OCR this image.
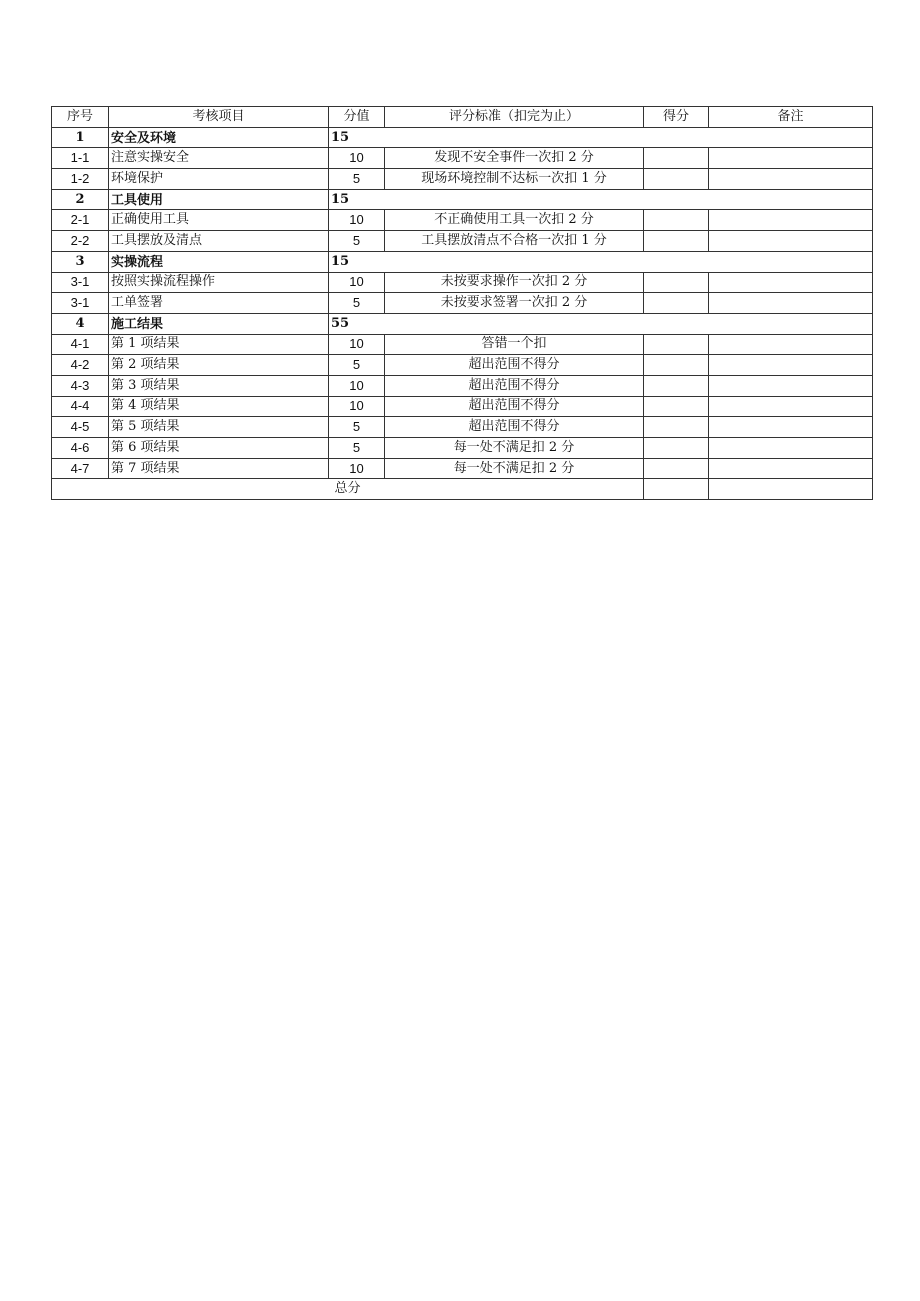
序号	考核项目	分值	评分标准（扣完为止）	得分	备注
1	安全及环境	15			
1-1	注意实操安全	10	发现不安全事件一次扣 2 分		
1-2	环境保护	5	现场环境控制不达标一次扣 1 分		
2	工具使用	15			
2-1	正确使用工具	10	不正确使用工具一次扣 2 分		
2-2	工具摆放及清点	5	工具摆放清点不合格一次扣 1 分		
3	实操流程	15			
3-1	按照实操流程操作	10	未按要求操作一次扣 2 分		
3-1	工单签署	5	未按要求签署一次扣 2 分		
4	施工结果	55			
4-1	第 1 项结果	10	答错一个扣		
4-2	第 2 项结果	5	超出范围不得分		
4-3	第 3 项结果	10	超出范围不得分		
4-4	第 4 项结果	10	超出范围不得分		
4-5	第 5 项结果	5	超出范围不得分		
4-6	第 6 项结果	5	每一处不满足扣 2 分		
4-7	第 7 项结果	10	每一处不满足扣 2 分		
总分					
